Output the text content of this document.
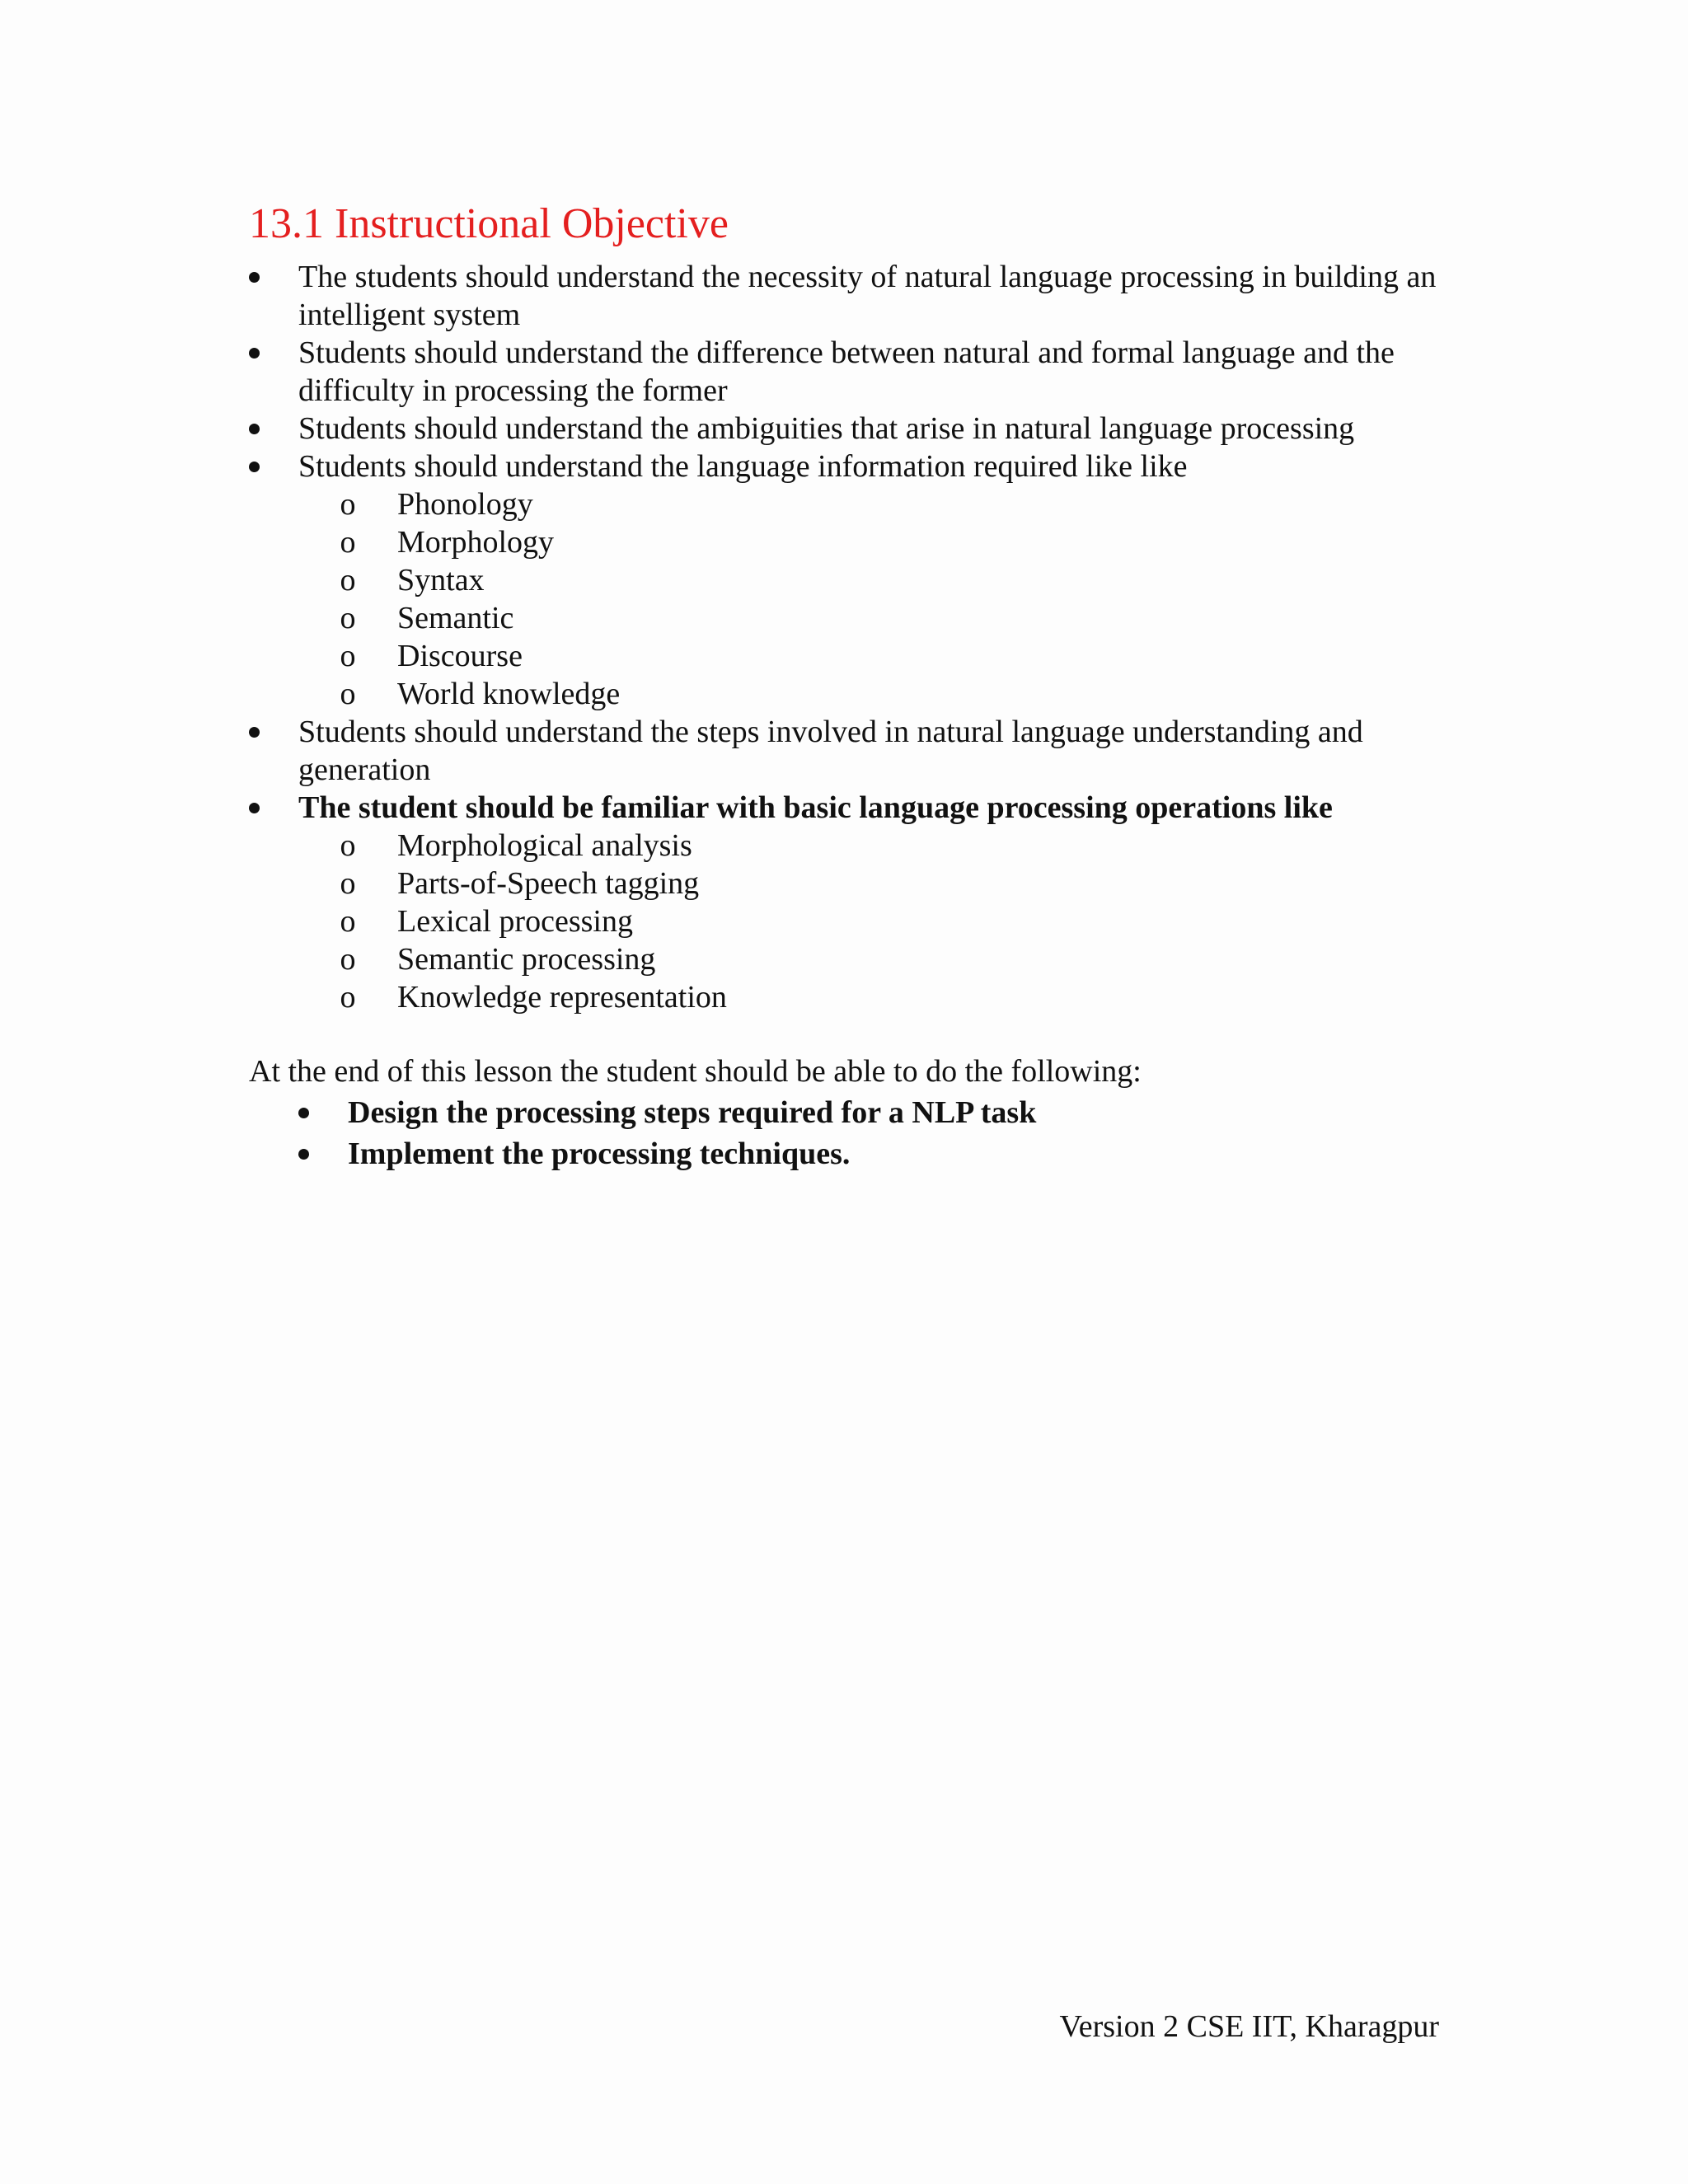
13.1 Instructional Objective
The students should understand the necessity of natural language processing in building an intelligent system
Students should understand the difference between natural and formal language and the difficulty in processing the former
Students should understand the ambiguities that arise in natural language processing
Students should understand the language information required like like
o	Phonology
o	Morphology
o	Syntax
o	Semantic
o	Discourse
o	World knowledge
Students should understand the steps involved in natural language understanding and generation
The student should be familiar with basic language processing operations like
o	Morphological analysis
o	Parts-of-Speech tagging
o	Lexical processing
o	Semantic processing
o	Knowledge representation
At the end of this lesson the student should be able to do the following:
Design the processing steps required for a NLP task
Implement the processing techniques.
Version 2 CSE IIT, Kharagpur
